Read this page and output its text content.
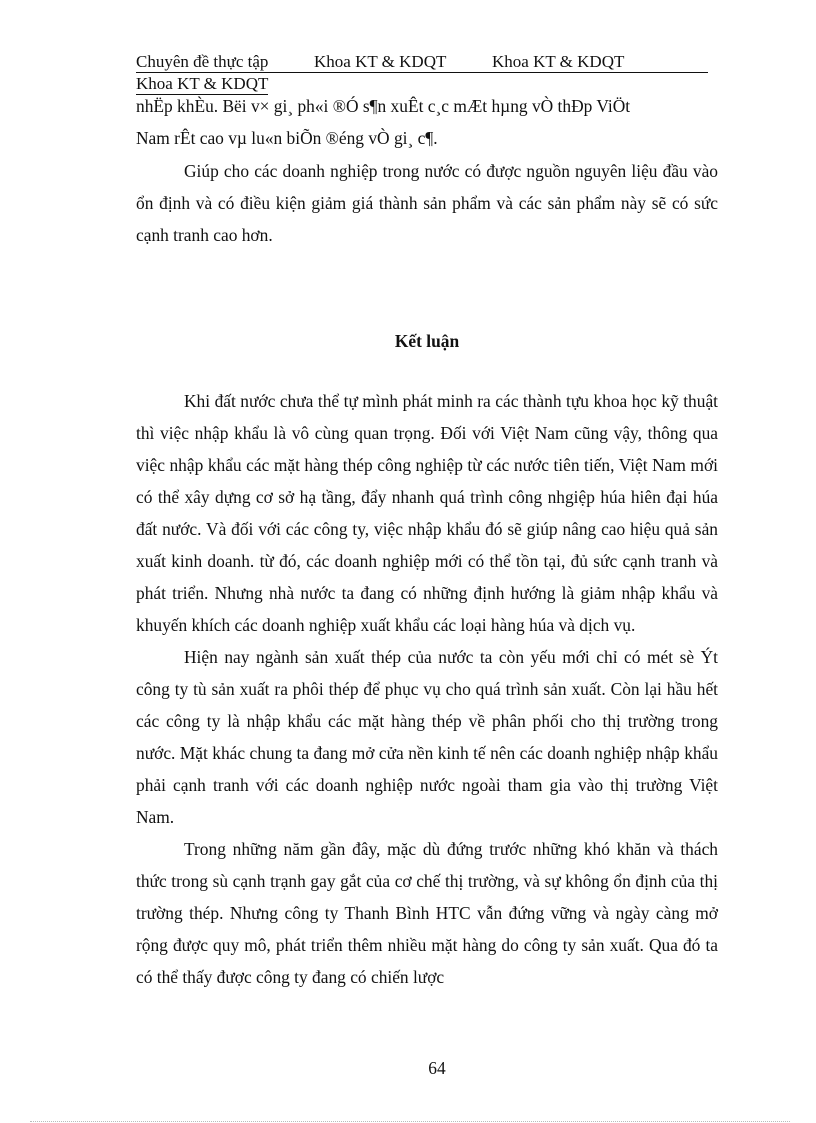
Chuyên đề thực tập	Khoa KT & KDQT	Khoa KT & KDQT
Khoa KT & KDQT
nhËp khÈu. Bëi v× gi¸ ph«i ®Ó s¶n xuÊt c¸c mÆt hµng vÒ thÐp ViÖt
Nam rÊt cao vµ lu«n biÕn ®éng vÒ gi¸ c¶.

Giúp cho các doanh nghiệp trong nước có được nguồn nguyên liệu đầu vào ổn định và có điều kiện giảm giá thành sản phẩm và các sản phẩm này sẽ có sức cạnh tranh cao hơn.

Kết luận

Khi đất nước chưa thể tự mình phát minh ra các thành tựu khoa học kỹ thuật thì việc nhập khẩu là vô cùng quan trọng. Đối với Việt Nam cũng vậy, thông qua việc nhập khẩu các mặt hàng thép công nghiệp từ các nước tiên tiến, Việt Nam mới có thể xây dựng cơ sở hạ tầng, đẩy nhanh quá trình công nhgiệp húa hiên đại húa đất nước. Và đối với các công ty, việc nhập khẩu đó sẽ giúp nâng cao hiệu quả sản xuất kinh doanh. từ đó, các doanh nghiệp mới có thể tồn tại, đủ sức cạnh tranh và phát triển. Nhưng nhà nước ta đang có những định hướng là giảm nhập khẩu và khuyến khích các doanh nghiệp xuất khẩu các loại hàng húa và dịch vụ.

Hiện nay ngành sản xuất thép của nước ta còn yếu mới chỉ có mét sè Ýt công ty tù sản xuất ra phôi thép để phục vụ cho quá trình sản xuất. Còn lại hầu hết các công ty là nhập khẩu các mặt hàng thép về phân phối cho thị trường trong nước. Mặt khác chung ta đang mở cửa nền kinh tế nên các doanh nghiệp nhập khẩu phải cạnh tranh với các doanh nghiệp nước ngoài tham gia vào thị trường Việt Nam.

Trong những năm gần đây, mặc dù đứng trước những khó khăn và thách thức trong sù cạnh trạnh gay gắt của cơ chế thị trường, và sự không ổn định của thị trường thép. Nhưng công ty Thanh Bình HTC vẫn đứng vững và ngày càng mở rộng được quy mô, phát triển thêm nhiều mặt hàng do công ty sản xuất. Qua đó ta có thể thấy được công ty đang có chiến lược

64
